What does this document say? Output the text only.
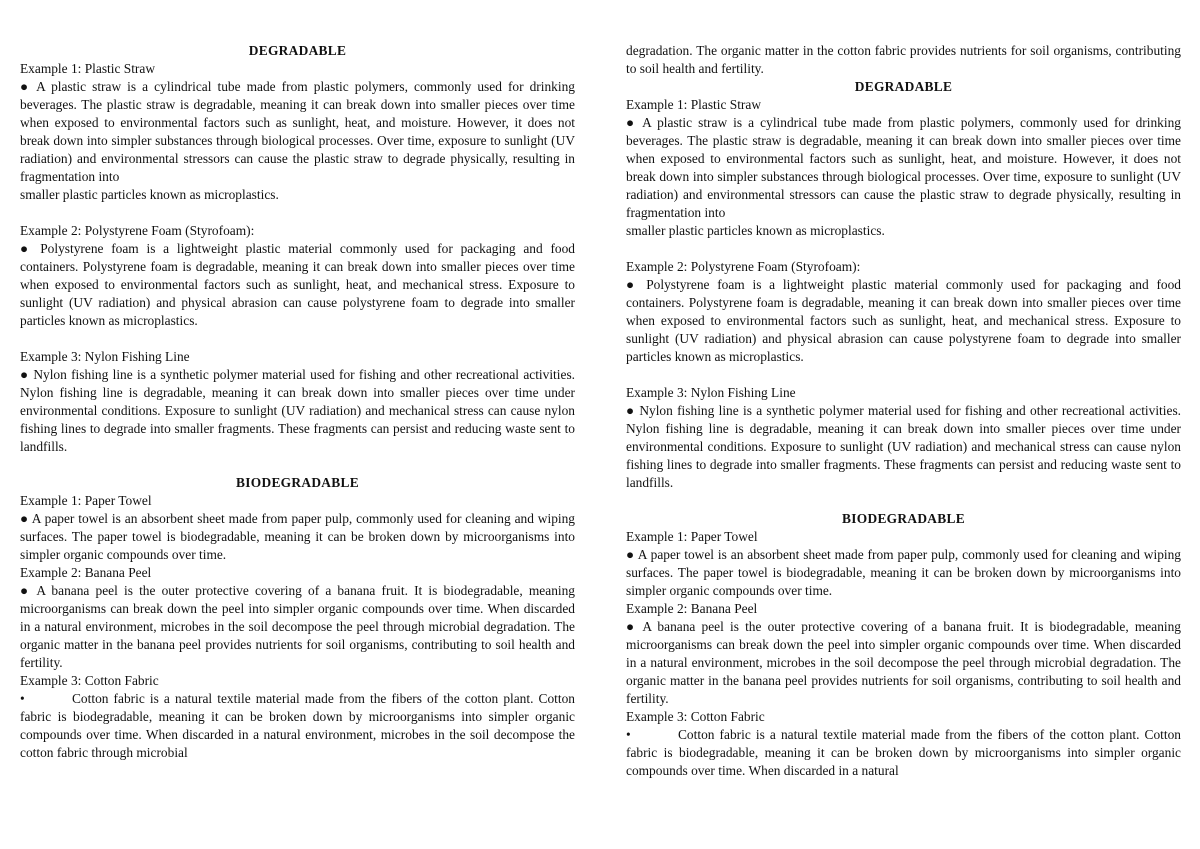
DEGRADABLE
Example 1: Plastic Straw
● A plastic straw is a cylindrical tube made from plastic polymers, commonly used for drinking beverages. The plastic straw is degradable, meaning it can break down into smaller pieces over time when exposed to environmental factors such as sunlight, heat, and moisture. However, it does not break down into simpler substances through biological processes. Over time, exposure to sunlight (UV radiation) and environmental stressors can cause the plastic straw to degrade physically, resulting in fragmentation into
smaller plastic particles known as microplastics.
Example 2: Polystyrene Foam (Styrofoam):
● Polystyrene foam is a lightweight plastic material commonly used for packaging and food containers. Polystyrene foam is degradable, meaning it can break down into smaller pieces over time when exposed to environmental factors such as sunlight, heat, and mechanical stress. Exposure to sunlight (UV radiation) and physical abrasion can cause polystyrene foam to degrade into smaller particles known as microplastics.
Example 3: Nylon Fishing Line
● Nylon fishing line is a synthetic polymer material used for fishing and other recreational activities. Nylon fishing line is degradable, meaning it can break down into smaller pieces over time under environmental conditions. Exposure to sunlight (UV radiation) and mechanical stress can cause nylon fishing lines to degrade into smaller fragments. These fragments can persist and reducing waste sent to landfills.
BIODEGRADABLE
Example 1: Paper Towel
● A paper towel is an absorbent sheet made from paper pulp, commonly used for cleaning and wiping surfaces. The paper towel is biodegradable, meaning it can be broken down by microorganisms into simpler organic compounds over time.
Example 2: Banana Peel
● A banana peel is the outer protective covering of a banana fruit. It is biodegradable, meaning microorganisms can break down the peel into simpler organic compounds over time. When discarded in a natural environment, microbes in the soil decompose the peel through microbial degradation. The organic matter in the banana peel provides nutrients for soil organisms, contributing to soil health and fertility.
Example 3: Cotton Fabric
•	Cotton fabric is a natural textile material made from the fibers of the cotton plant. Cotton fabric is biodegradable, meaning it can be broken down by microorganisms into simpler organic compounds over time. When discarded in a natural environment, microbes in the soil decompose the cotton fabric through microbial
degradation. The organic matter in the cotton fabric provides nutrients for soil organisms, contributing to soil health and fertility.
DEGRADABLE
Example 1: Plastic Straw
● A plastic straw is a cylindrical tube made from plastic polymers, commonly used for drinking beverages. The plastic straw is degradable, meaning it can break down into smaller pieces over time when exposed to environmental factors such as sunlight, heat, and moisture. However, it does not break down into simpler substances through biological processes. Over time, exposure to sunlight (UV radiation) and environmental stressors can cause the plastic straw to degrade physically, resulting in fragmentation into
smaller plastic particles known as microplastics.
Example 2: Polystyrene Foam (Styrofoam):
● Polystyrene foam is a lightweight plastic material commonly used for packaging and food containers. Polystyrene foam is degradable, meaning it can break down into smaller pieces over time when exposed to environmental factors such as sunlight, heat, and mechanical stress. Exposure to sunlight (UV radiation) and physical abrasion can cause polystyrene foam to degrade into smaller particles known as microplastics.
Example 3: Nylon Fishing Line
● Nylon fishing line is a synthetic polymer material used for fishing and other recreational activities. Nylon fishing line is degradable, meaning it can break down into smaller pieces over time under environmental conditions. Exposure to sunlight (UV radiation) and mechanical stress can cause nylon fishing lines to degrade into smaller fragments. These fragments can persist and reducing waste sent to landfills.
BIODEGRADABLE
Example 1: Paper Towel
● A paper towel is an absorbent sheet made from paper pulp, commonly used for cleaning and wiping surfaces. The paper towel is biodegradable, meaning it can be broken down by microorganisms into simpler organic compounds over time.
Example 2: Banana Peel
● A banana peel is the outer protective covering of a banana fruit. It is biodegradable, meaning microorganisms can break down the peel into simpler organic compounds over time. When discarded in a natural environment, microbes in the soil decompose the peel through microbial degradation. The organic matter in the banana peel provides nutrients for soil organisms, contributing to soil health and fertility.
Example 3: Cotton Fabric
•	Cotton fabric is a natural textile material made from the fibers of the cotton plant. Cotton fabric is biodegradable, meaning it can be broken down by microorganisms into simpler organic compounds over time. When discarded in a natural
